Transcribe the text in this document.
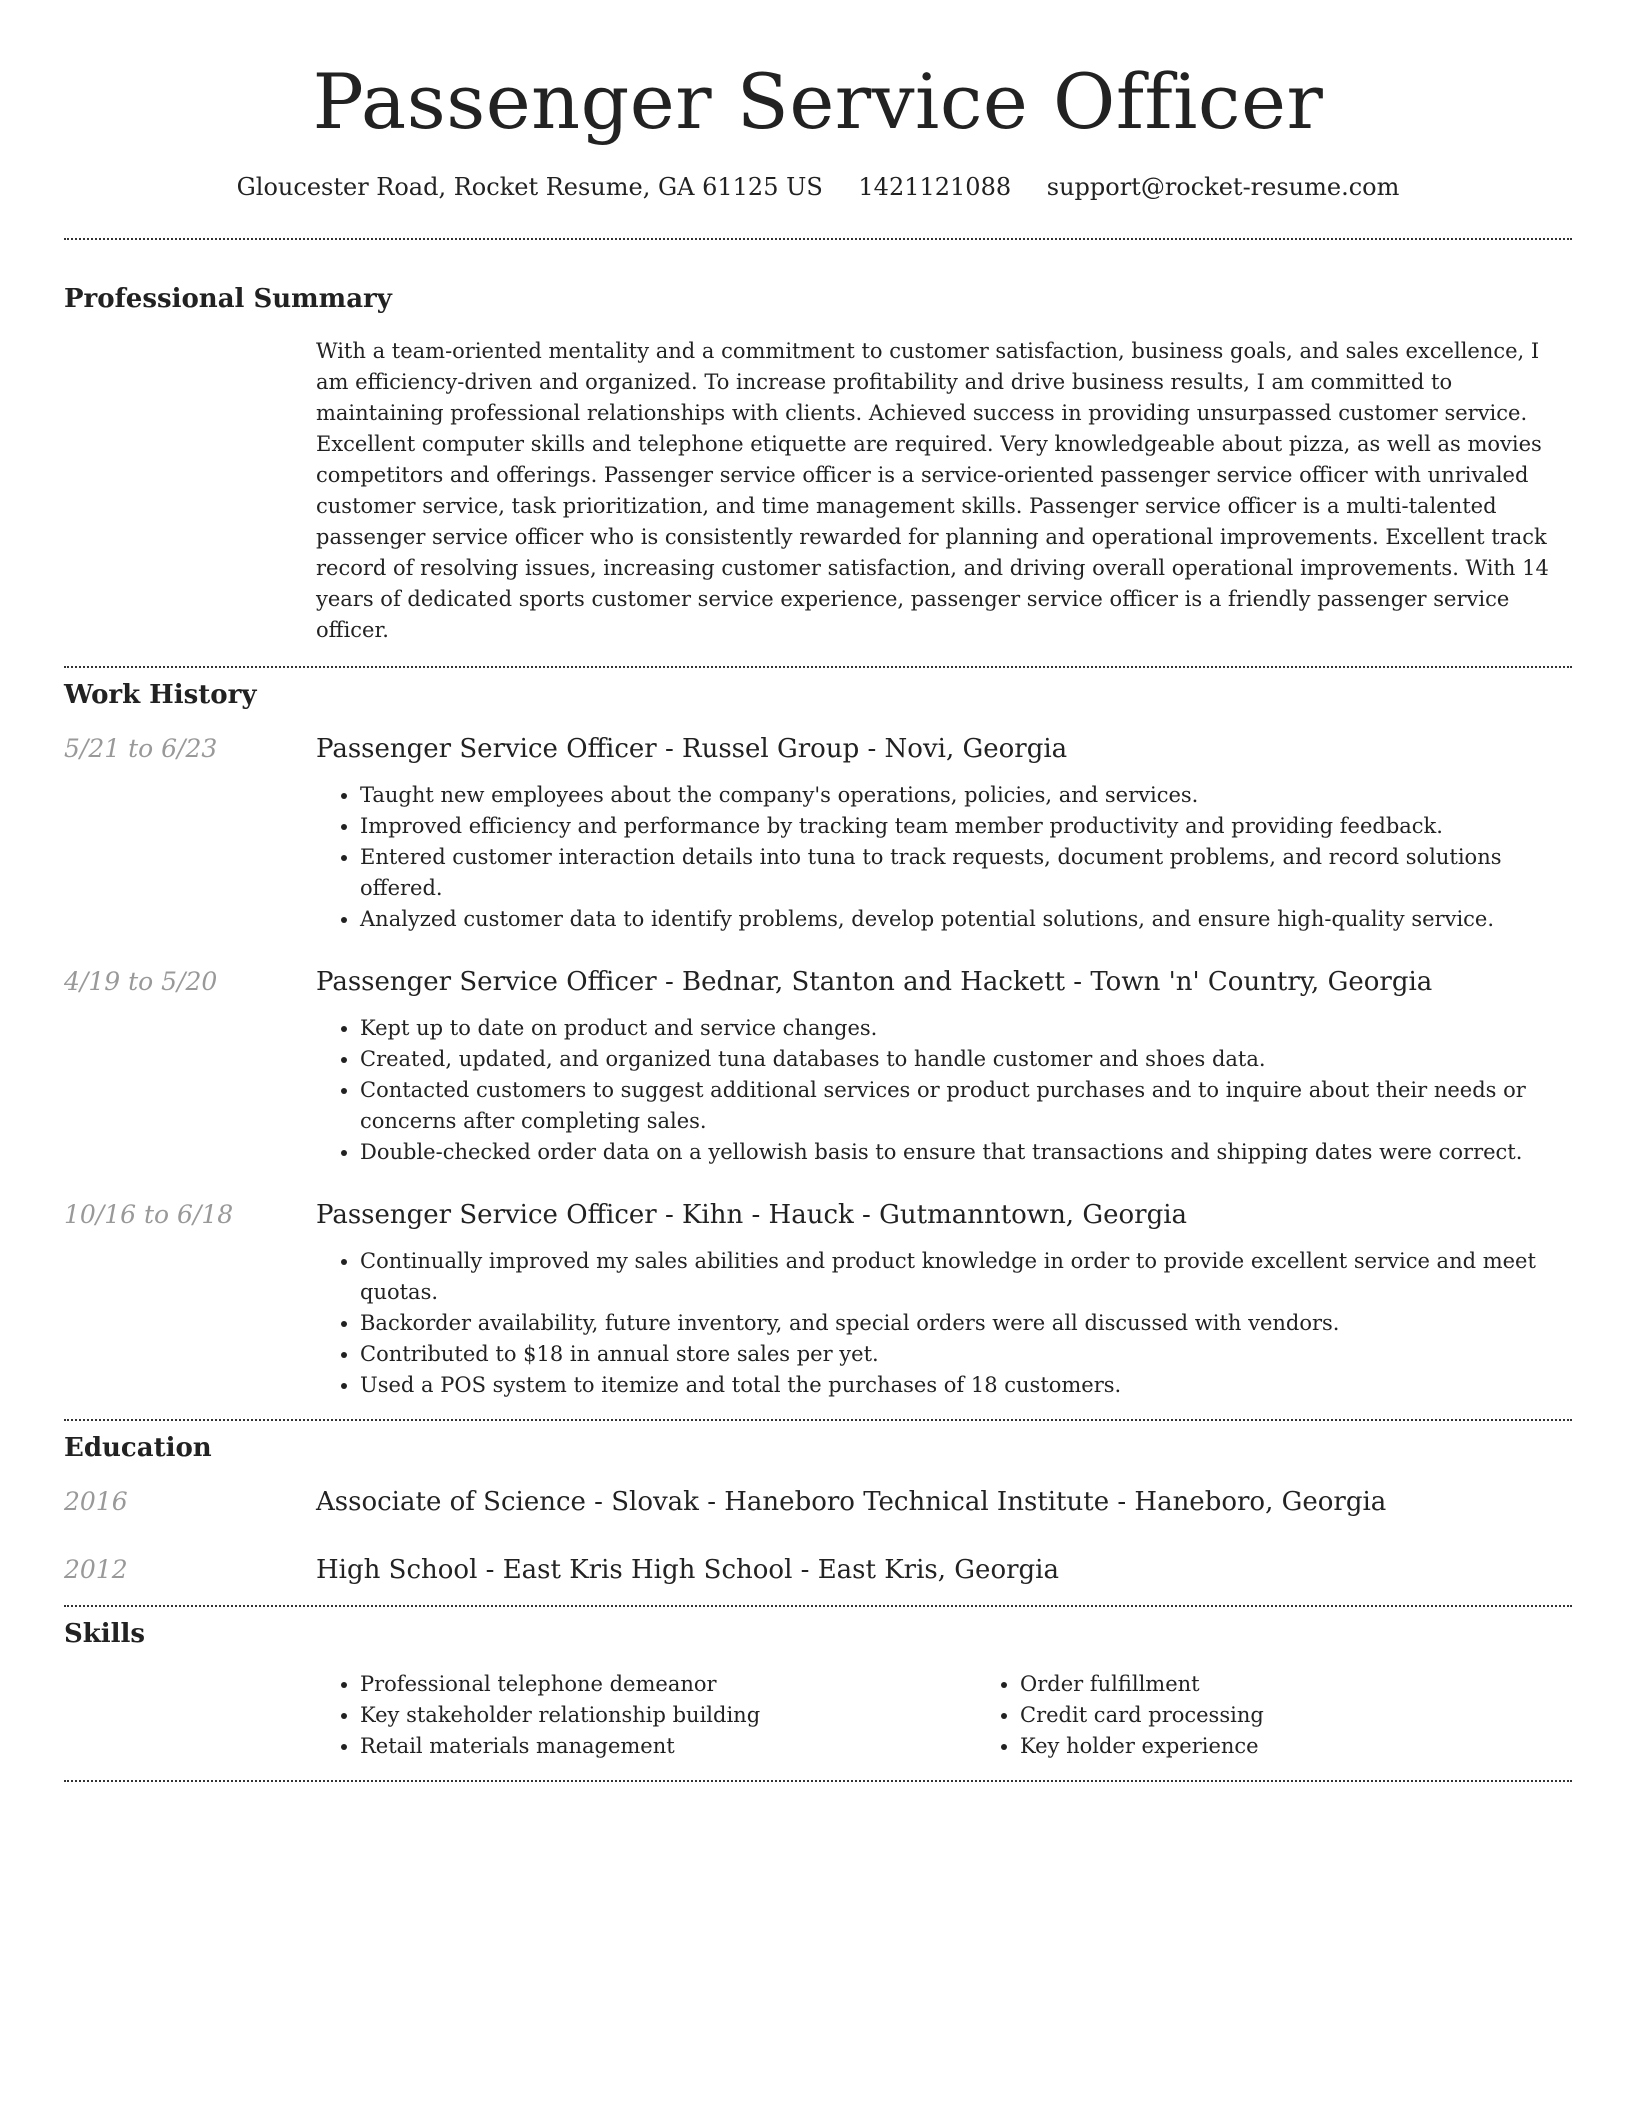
Passenger Service Officer
Gloucester Road, Rocket Resume, GA 61125 US 1421121088 support@rocket-resume.com
Professional Summary

With a team-oriented mentality and a commitment to customer satisfaction, business goals, and sales excellence, I am efficiency-driven and organized. To increase profitability and drive business results, I am committed to maintaining professional relationships with clients. Achieved success in providing unsurpassed customer service. Excellent computer skills and telephone etiquette are required. Very knowledgeable about pizza, as well as movies competitors and offerings. Passenger service officer is a service-oriented passenger service officer with unrivaled customer service, task prioritization, and time management skills. Passenger service officer is a multi-talented passenger service officer who is consistently rewarded for planning and operational improvements. Excellent track record of resolving issues, increasing customer satisfaction, and driving overall operational improvements. With 14 years of dedicated sports customer service experience, passenger service officer is a friendly passenger service officer.

Work History
5/21 to 6/23	Passenger Service Officer - Russel Group - Novi, Georgia
• Taught new employees about the company's operations, policies, and services.
• Improved efficiency and performance by tracking team member productivity and providing feedback.
• Entered customer interaction details into tuna to track requests, document problems, and record solutions offered.
• Analyzed customer data to identify problems, develop potential solutions, and ensure high-quality service.
4/19 to 5/20	Passenger Service Officer - Bednar, Stanton and Hackett - Town 'n' Country, Georgia
• Kept up to date on product and service changes.
• Created, updated, and organized tuna databases to handle customer and shoes data.
• Contacted customers to suggest additional services or product purchases and to inquire about their needs or concerns after completing sales.
• Double-checked order data on a yellowish basis to ensure that transactions and shipping dates were correct.
10/16 to 6/18	Passenger Service Officer - Kihn - Hauck - Gutmanntown, Georgia
• Continually improved my sales abilities and product knowledge in order to provide excellent service and meet quotas.
• Backorder availability, future inventory, and special orders were all discussed with vendors.
• Contributed to $18 in annual store sales per yet.
• Used a POS system to itemize and total the purchases of 18 customers.
Education
2016	Associate of Science - Slovak - Haneboro Technical Institute - Haneboro, Georgia
2012	High School - East Kris High School - East Kris, Georgia
Skills
• Professional telephone demeanor
• Key stakeholder relationship building
• Retail materials management
• Order fulfillment
• Credit card processing
• Key holder experience
